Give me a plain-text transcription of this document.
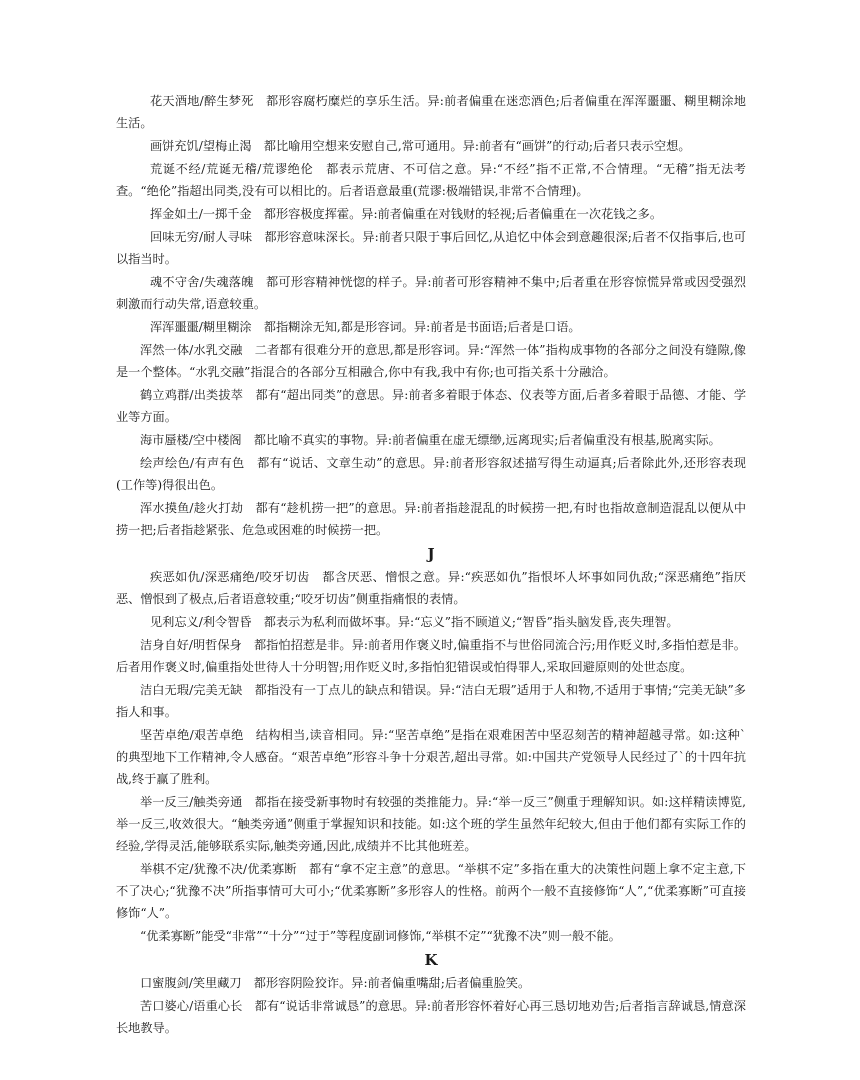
花天酒地/醉生梦死　都形容腐朽糜烂的享乐生活。异:前者偏重在迷恋酒色;后者偏重在浑浑噩噩、糊里糊涂地生活。

画饼充饥/望梅止渴　都比喻用空想来安慰自己,常可通用。异:前者有“画饼”的行动;后者只表示空想。

荒诞不经/荒诞无稽/荒谬绝伦　都表示荒唐、不可信之意。异:“不经”指不正常,不合情理。“无稽”指无法考查。“绝伦”指超出同类,没有可以相比的。后者语意最重(荒谬:极端错误,非常不合情理)。

挥金如土/一掷千金　都形容极度挥霍。异:前者偏重在对钱财的轻视;后者偏重在一次花钱之多。

回味无穷/耐人寻味　都形容意味深长。异:前者只限于事后回忆,从追忆中体会到意趣很深;后者不仅指事后,也可以指当时。

魂不守舍/失魂落魄　都可形容精神恍惚的样子。异:前者可形容精神不集中;后者重在形容惊慌异常或因受强烈刺激而行动失常,语意较重。

浑浑噩噩/糊里糊涂　都指糊涂无知,都是形容词。异:前者是书面语;后者是口语。

浑然一体/水乳交融　二者都有很难分开的意思,都是形容词。异:“浑然一体”指构成事物的各部分之间没有缝隙,像是一个整体。“水乳交融”指混合的各部分互相融合,你中有我,我中有你;也可指关系十分融洽。

鹤立鸡群/出类拔萃　都有“超出同类”的意思。异:前者多着眼于体态、仪表等方面,后者多着眼于品德、才能、学业等方面。

海市蜃楼/空中楼阁　都比喻不真实的事物。异:前者偏重在虚无缥缈,远离现实;后者偏重没有根基,脱离实际。

绘声绘色/有声有色　都有“说话、文章生动”的意思。异:前者形容叙述描写得生动逼真;后者除此外,还形容表现(工作等)得很出色。

浑水摸鱼/趁火打劫　都有“趁机捞一把”的意思。异:前者指趁混乱的时候捞一把,有时也指故意制造混乱以便从中捞一把;后者指趁紧张、危急或困难的时候捞一把。

J

疾恶如仇/深恶痛绝/咬牙切齿　都含厌恶、憎恨之意。异:“疾恶如仇”指恨坏人坏事如同仇敌;“深恶痛绝”指厌恶、憎恨到了极点,后者语意较重;“咬牙切齿”侧重指痛恨的表情。

见利忘义/利令智昏　都表示为私利而做坏事。异:“忘义”指不顾道义;“智昏”指头脑发昏,丧失理智。

洁身自好/明哲保身　都指怕招惹是非。异:前者用作褒义时,偏重指不与世俗同流合污;用作贬义时,多指怕惹是非。后者用作褒义时,偏重指处世待人十分明智;用作贬义时,多指怕犯错误或怕得罪人,采取回避原则的处世态度。

洁白无瑕/完美无缺　都指没有一丁点儿的缺点和错误。异:“洁白无瑕”适用于人和物,不适用于事情;“完美无缺”多指人和事。

坚苦卓绝/艰苦卓绝　结构相当,读音相同。异:“坚苦卓绝”是指在艰难困苦中坚忍刻苦的精神超越寻常。如:这种`的典型地下工作精神,令人感奋。“艰苦卓绝”形容斗争十分艰苦,超出寻常。如:中国共产党领导人民经过了`的十四年抗战,终于赢了胜利。

举一反三/触类旁通　都指在接受新事物时有较强的类推能力。异:“举一反三”侧重于理解知识。如:这样精读博览,举一反三,收效很大。“触类旁通”侧重于掌握知识和技能。如:这个班的学生虽然年纪较大,但由于他们都有实际工作的经验,学得灵活,能够联系实际,触类旁通,因此,成绩并不比其他班差。

举棋不定/犹豫不决/优柔寡断　都有“拿不定主意”的意思。“举棋不定”多指在重大的决策性问题上拿不定主意,下不了决心;“犹豫不决”所指事情可大可小;“优柔寡断”多形容人的性格。前两个一般不直接修饰“人”,“优柔寡断”可直接修饰“人”。

“优柔寡断”能受“非常”“十分”“过于”等程度副词修饰,“举棋不定”“犹豫不决”则一般不能。

K

口蜜腹剑/笑里藏刀　都形容阴险狡诈。异:前者偏重嘴甜;后者偏重脸笑。

苦口婆心/语重心长　都有“说话非常诚恳”的意思。异:前者形容怀着好心再三恳切地劝告;后者指言辞诚恳,情意深长地教导。
